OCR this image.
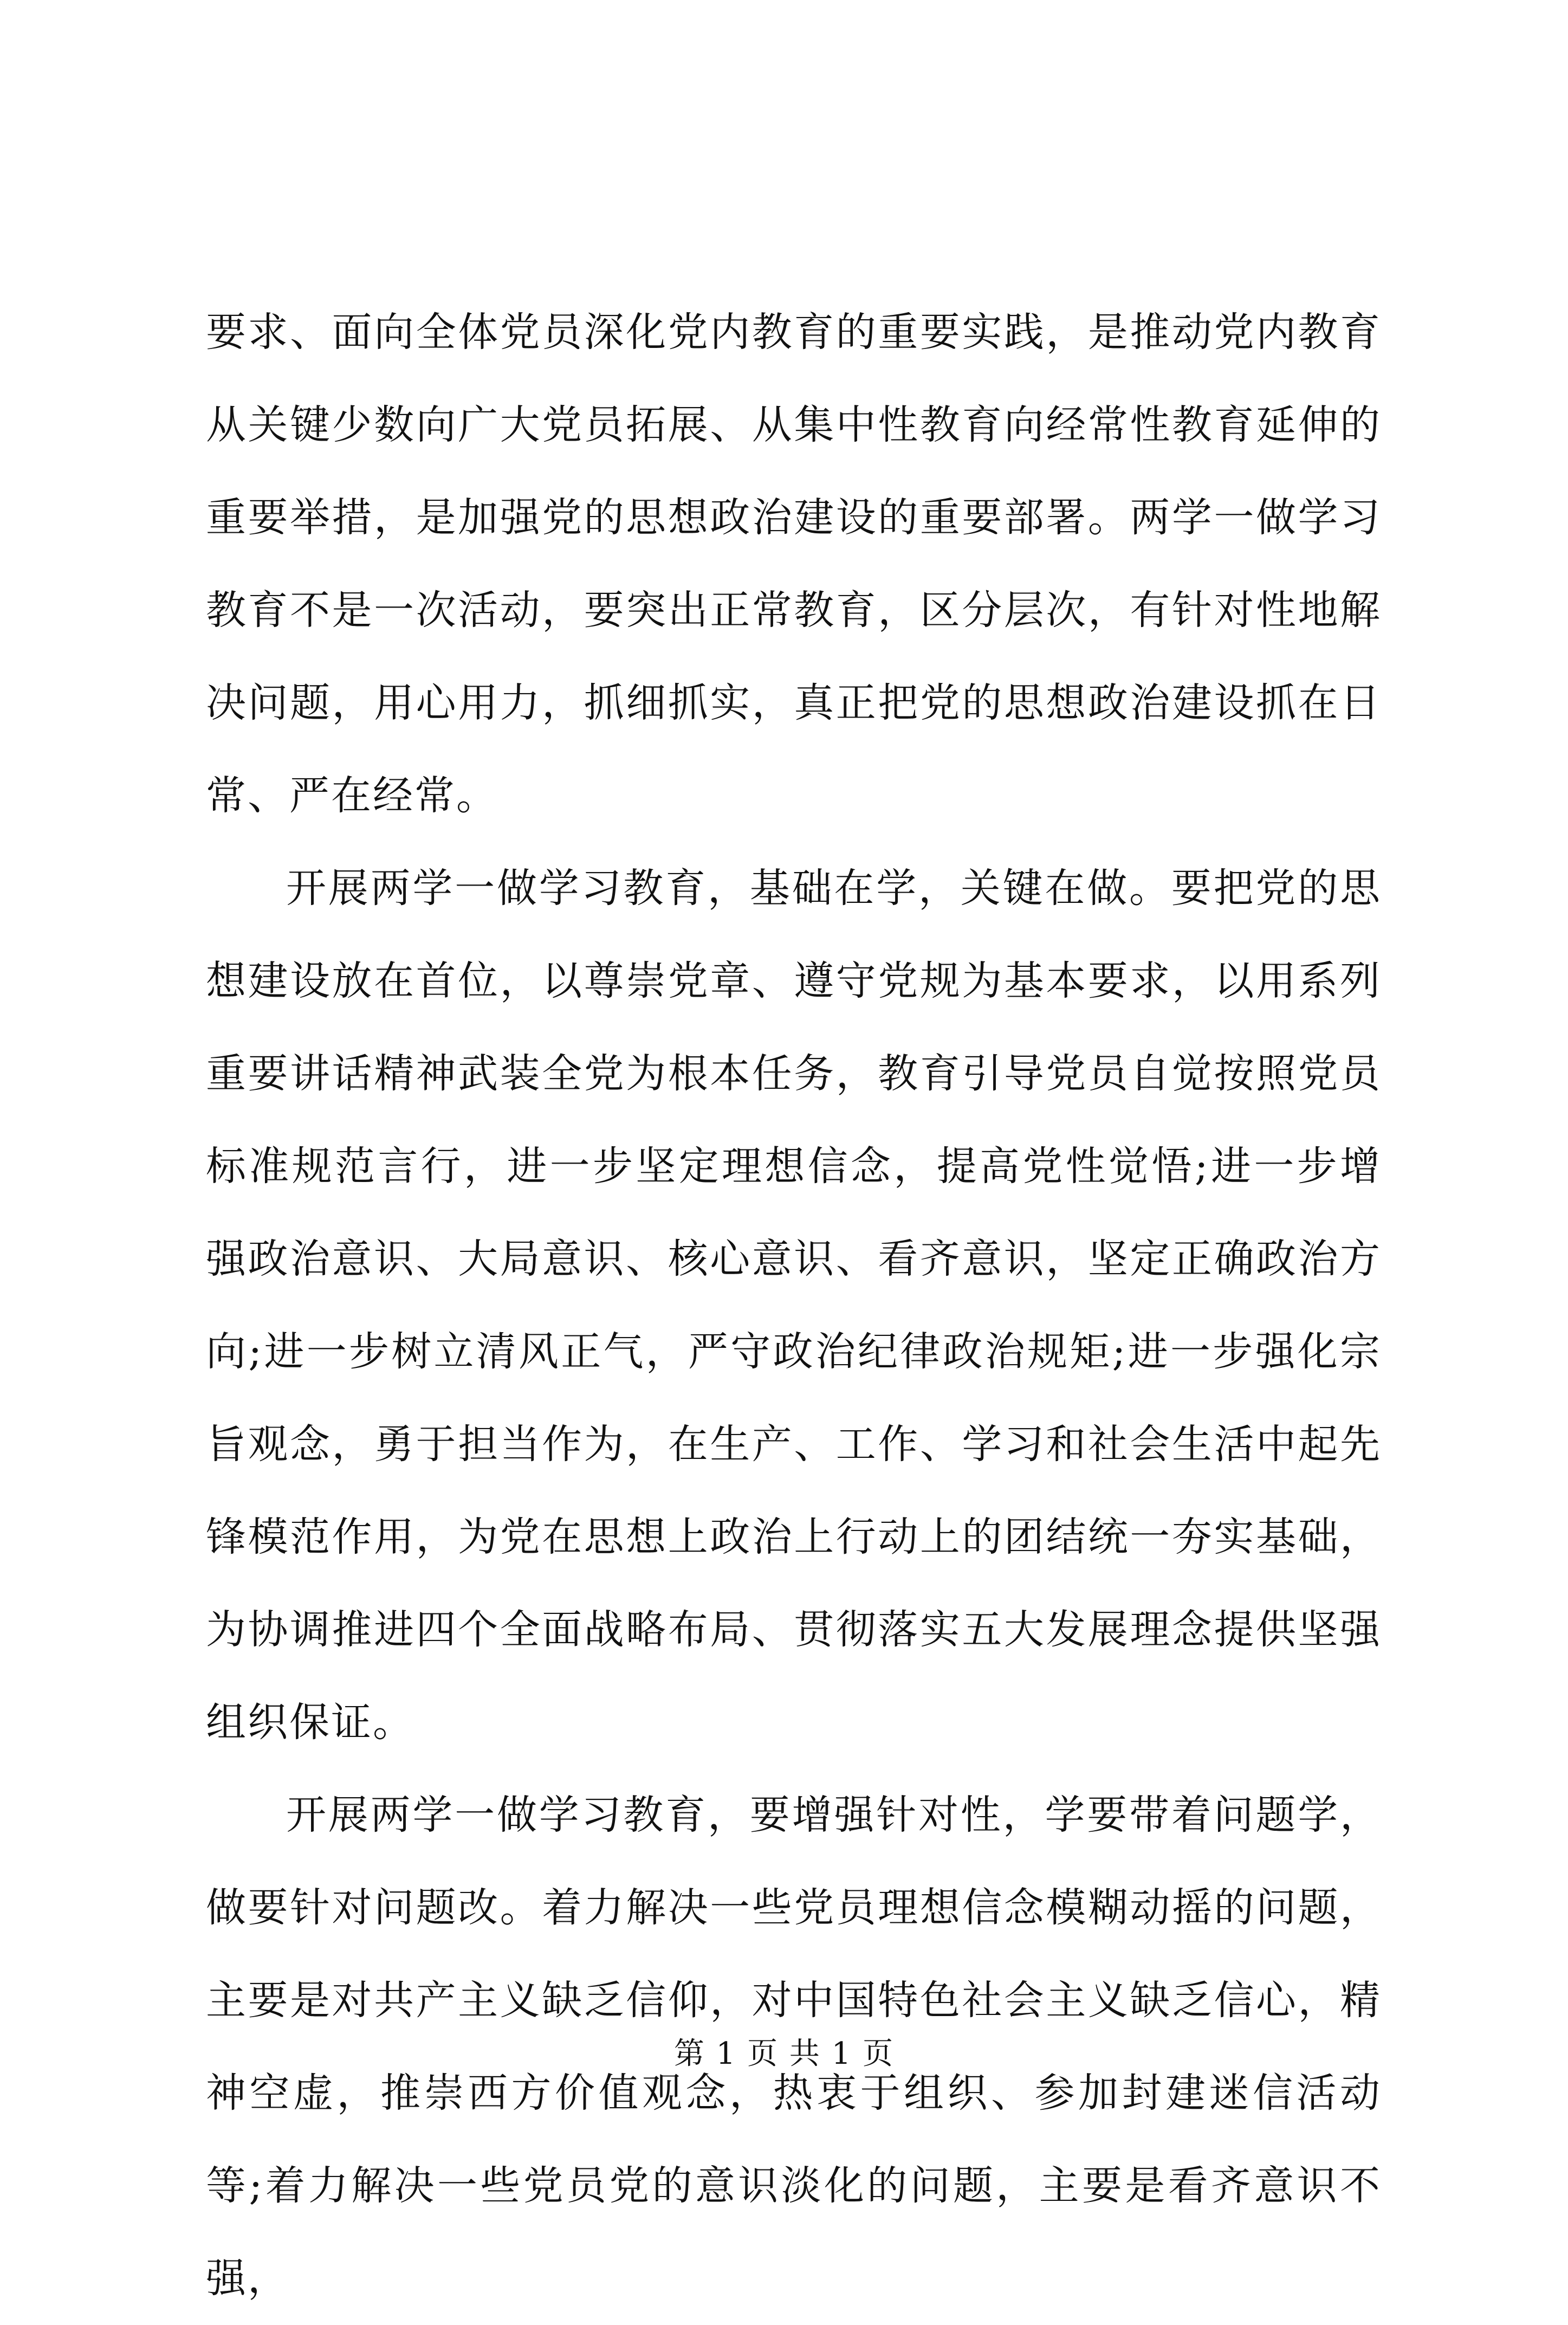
要求、面向全体党员深化党内教育的重要实践，是推动党内教育从关键少数向广大党员拓展、从集中性教育向经常性教育延伸的重要举措，是加强党的思想政治建设的重要部署。两学一做学习教育不是一次活动，要突出正常教育，区分层次，有针对性地解决问题，用心用力，抓细抓实，真正把党的思想政治建设抓在日常、严在经常。

开展两学一做学习教育，基础在学，关键在做。要把党的思想建设放在首位，以尊崇党章、遵守党规为基本要求，以用系列重要讲话精神武装全党为根本任务，教育引导党员自觉按照党员标准规范言行，进一步坚定理想信念，提高党性觉悟;进一步增强政治意识、大局意识、核心意识、看齐意识，坚定正确政治方向;进一步树立清风正气，严守政治纪律政治规矩;进一步强化宗旨观念，勇于担当作为，在生产、工作、学习和社会生活中起先锋模范作用，为党在思想上政治上行动上的团结统一夯实基础，为协调推进四个全面战略布局、贯彻落实五大发展理念提供坚强组织保证。

开展两学一做学习教育，要增强针对性，学要带着问题学，做要针对问题改。着力解决一些党员理想信念模糊动摇的问题，主要是对共产主义缺乏信仰，对中国特色社会主义缺乏信心，精神空虚，推崇西方价值观念，热衷于组织、参加封建迷信活动等;着力解决一些党员党的意识淡化的问题，主要是看齐意识不强，

第 1 页 共 1 页
